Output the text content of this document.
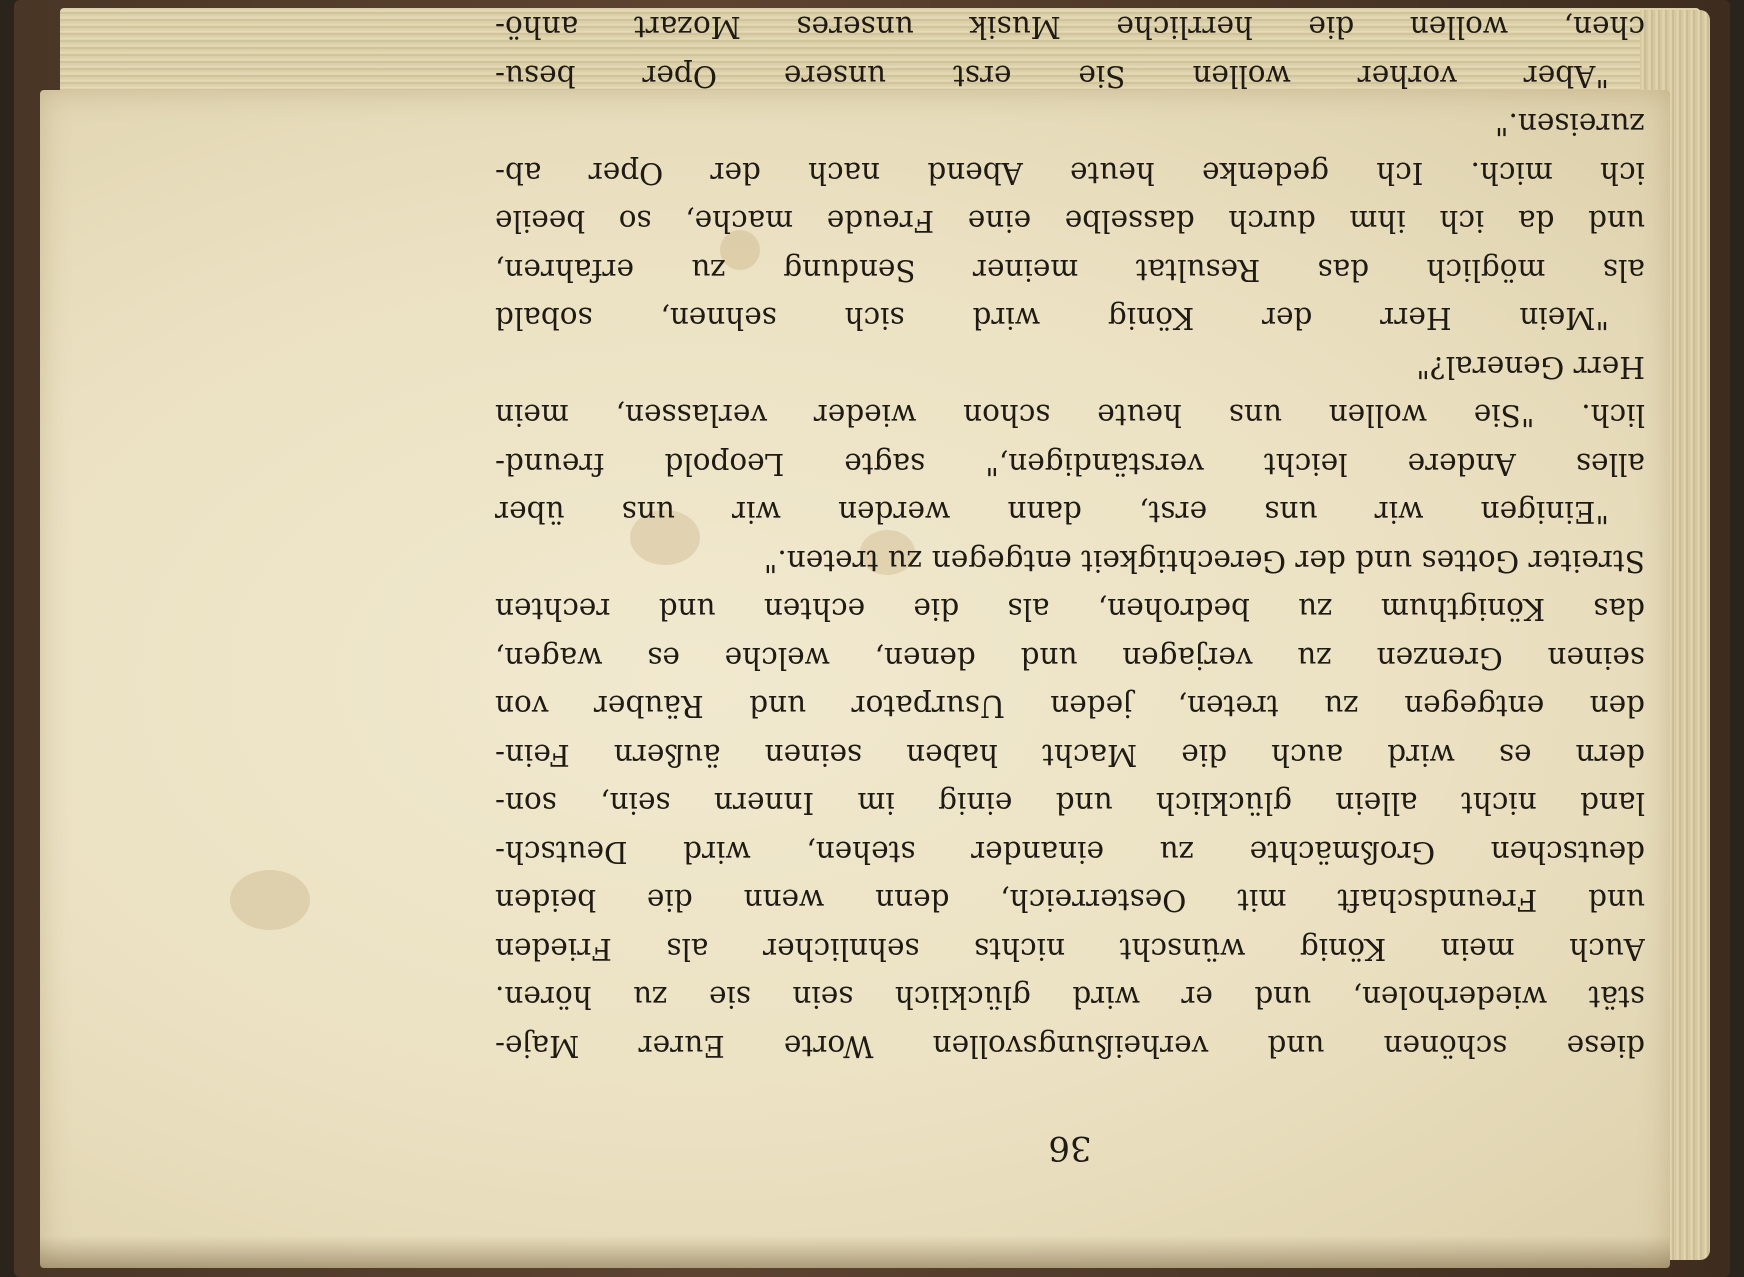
36
diese schönen und verheißungsvollen Worte Eurer Maje-
stät wiederholen, und er wird glücklich sein sie zu hören.
Auch mein König wünscht nichts sehnlicher als Frieden
und Freundschaft mit Oesterreich, denn wenn die beiden
deutschen Großmächte zu einander stehen, wird Deutsch-
land nicht allein glücklich und einig im Innern sein, son-
dern es wird auch die Macht haben seinen äußern Fein-
den entgegen zu treten, jeden Usurpator und Räuber von
seinen Grenzen zu verjagen und denen, welche es wagen,
das Königthum zu bedrohen, als die echten und rechten
Streiter Gottes und der Gerechtigkeit entgegen zu treten."
"Einigen wir uns erst, dann werden wir uns über
alles Andere leicht verständigen," sagte Leopold freund-
lich. "Sie wollen uns heute schon wieder verlassen, mein
Herr General?"
"Mein Herr der König wird sich sehnen, sobald
als möglich das Resultat meiner Sendung zu erfahren,
und da ich ihm durch dasselbe eine Freude mache, so beeile
ich mich. Ich gedenke heute Abend nach der Oper ab-
zureisen."
"Aber vorher wollen Sie erst unsere Oper besu-
chen, wollen die herrliche Musik unseres Mozart anhö-
